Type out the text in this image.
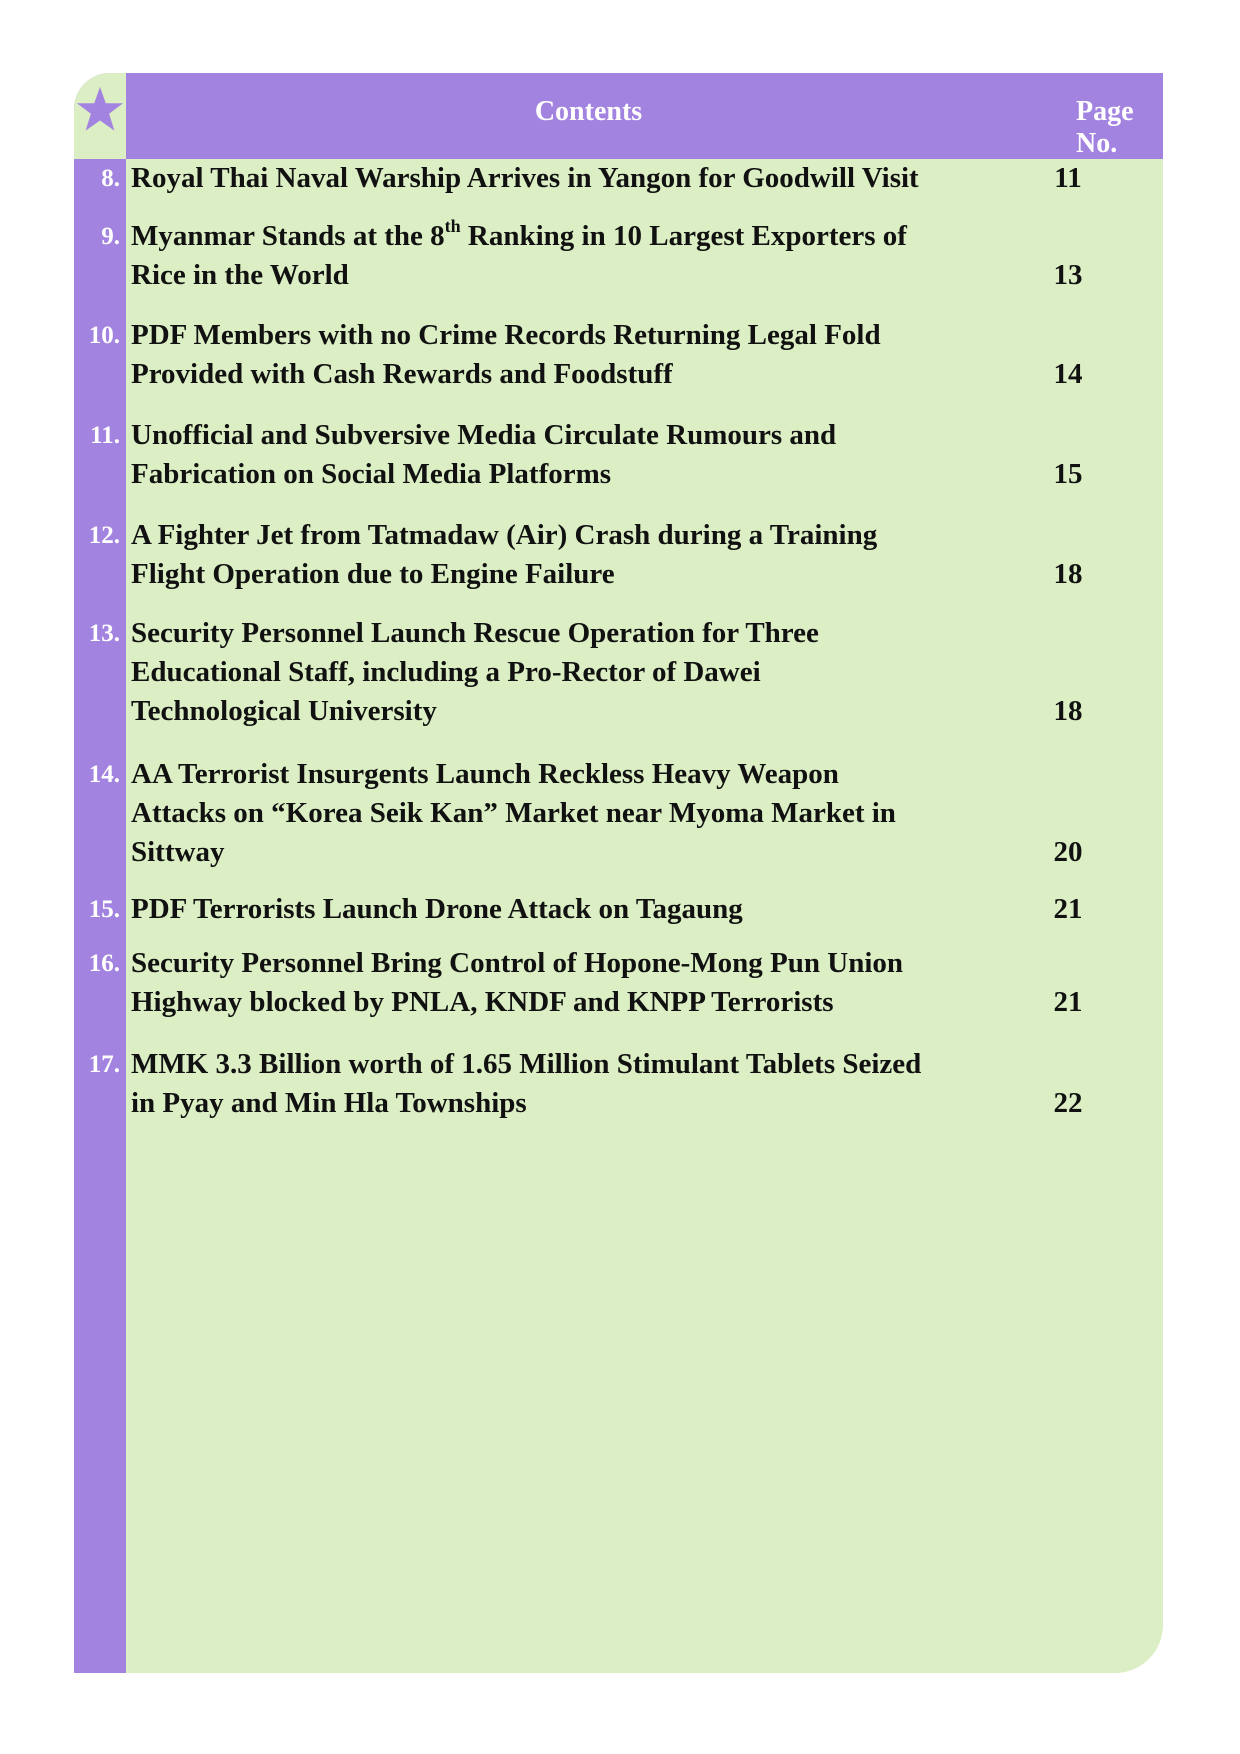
Contents	Page No.
8. Royal Thai Naval Warship Arrives in Yangon for Goodwill Visit	11
9. Myanmar Stands at the 8th Ranking in 10 Largest Exporters of
Rice in the World	13
10. PDF Members with no Crime Records Returning Legal Fold
Provided with Cash Rewards and Foodstuff	14
11. Unofficial and Subversive Media Circulate Rumours and
Fabrication on Social Media Platforms	15
12. A Fighter Jet from Tatmadaw (Air) Crash during a Training
Flight Operation due to Engine Failure	18
13. Security Personnel Launch Rescue Operation for Three
Educational Staff, including a Pro-Rector of Dawei
Technological University	18
14. AA Terrorist Insurgents Launch Reckless Heavy Weapon
Attacks on “Korea Seik Kan” Market near Myoma Market in
Sittway	20
15. PDF Terrorists Launch Drone Attack on Tagaung	21
16. Security Personnel Bring Control of Hopone-Mong Pun Union
Highway blocked by PNLA, KNDF and KNPP Terrorists	21
17. MMK 3.3 Billion worth of 1.65 Million Stimulant Tablets Seized
in Pyay and Min Hla Townships	22
